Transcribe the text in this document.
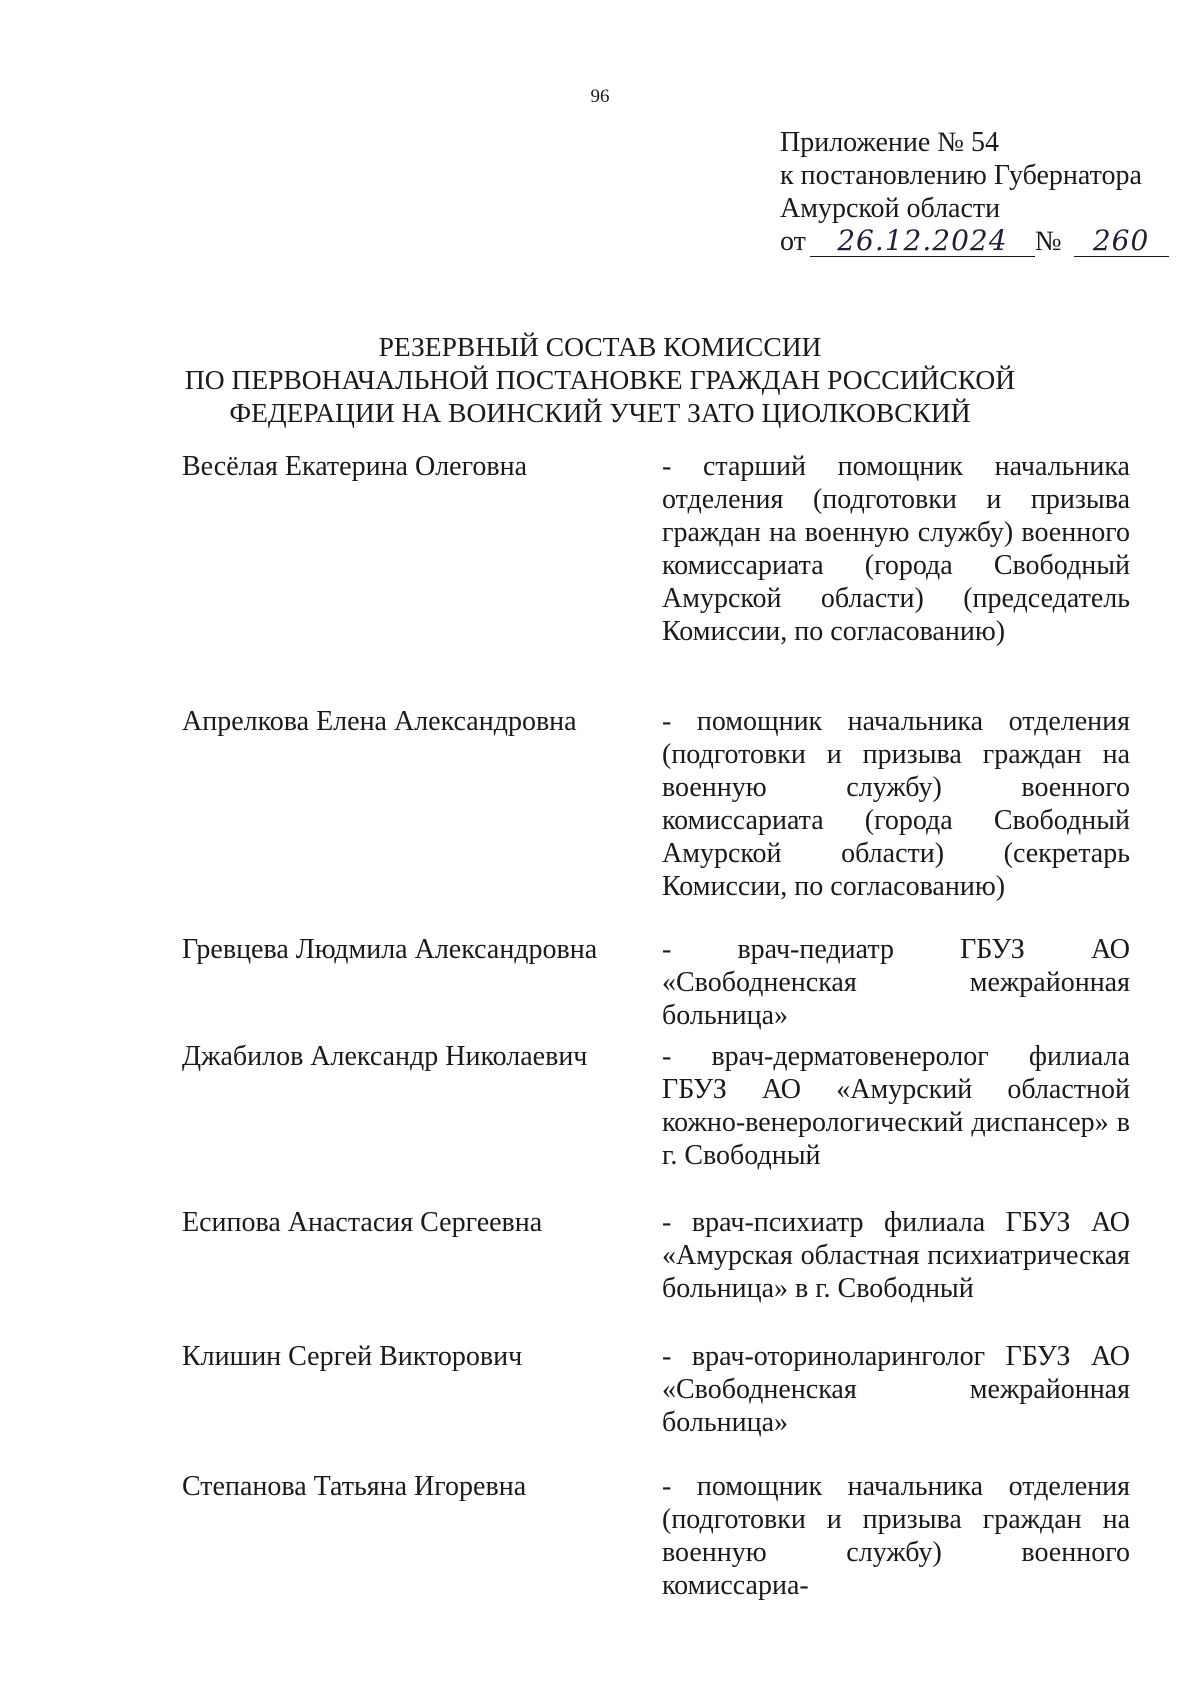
96
Приложение № 54
к постановлению Губернатора
Амурской области
от 26.12.2024 № 260
РЕЗЕРВНЫЙ СОСТАВ КОМИССИИ
ПО ПЕРВОНАЧАЛЬНОЙ ПОСТАНОВКЕ ГРАЖДАН РОССИЙСКОЙ
ФЕДЕРАЦИИ НА ВОИНСКИЙ УЧЕТ ЗАТО ЦИОЛКОВСКИЙ
Весёлая Екатерина Олеговна	- старший помощник начальника отделения (подготовки и призыва граждан на военную службу) военного комиссариата (города Свободный Амурской области) (председатель Комиссии, по согласованию)
Апрелкова Елена Александровна	- помощник начальника отделения (подготовки и призыва граждан на военную службу) военного комиссариата (города Свободный Амурской области) (секретарь Комиссии, по согласованию)
Гревцева Людмила Александровна	- врач-педиатр ГБУЗ АО «Свободненская межрайонная больница»
Джабилов Александр Николаевич	- врач-дерматовенеролог филиала ГБУЗ АО «Амурский областной кожно-венерологический диспансер» в г. Свободный
Есипова Анастасия Сергеевна	- врач-психиатр филиала ГБУЗ АО «Амурская областная психиатрическая больница» в г. Свободный
Клишин Сергей Викторович	- врач-оториноларинголог ГБУЗ АО «Свободненская межрайонная больница»
Степанова Татьяна Игоревна	- помощник начальника отделения (подготовки и призыва граждан на военную службу) военного комиссариа-
